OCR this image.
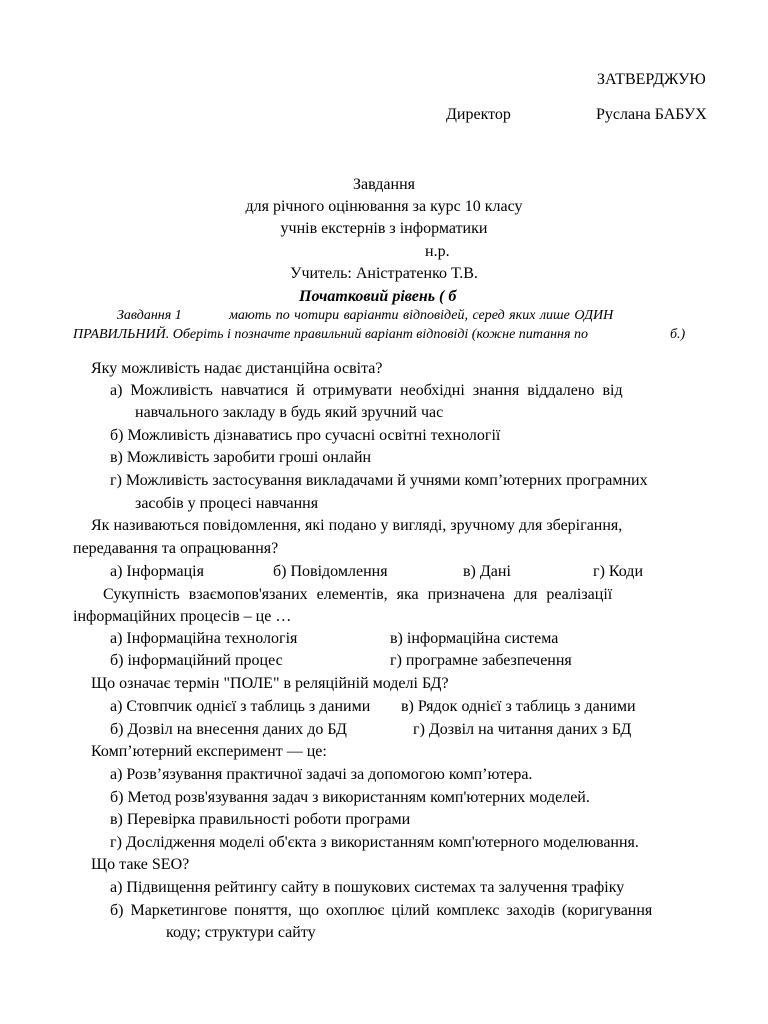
ЗАТВЕРДЖУЮ
Директор	Руслана БАБУХ
Завдання
для річного оцінювання за курс 10 класу
учнів екстернів з інформатики
н.р.
Учитель: Аністратенко Т.В.
Початковий рівень ( б
Завдання 1	мають по чотири варіанти відповідей, серед яких лише ОДИН
ПРАВИЛЬНИЙ. Оберіть і позначте правильний варіант відповіді (кожне питання по	б.)
Яку можливість надає дистанційна освіта?
а) Можливість навчатися й отримувати необхідні знання віддалено від
навчального закладу в будь який зручний час
б) Можливість дізнаватись про сучасні освітні технології
в) Можливість заробити гроші онлайн
г) Можливість застосування викладачами й учнями комп’ютерних програмних
засобів у процесі навчання
Як називаються повідомлення, які подано у вигляді, зручному для зберігання,
передавання та опрацювання?
а) Інформація	б) Повідомлення	в) Дані	г) Коди
Сукупність взаємопов'язаних елементів, яка призначена для реалізації
інформаційних процесів – це …
а) Інформаційна технологія	в) інформаційна система
б) інформаційний процес	г) програмне забезпечення
Що означає термін "ПОЛЕ" в реляційній моделі БД?
а) Стовпчик однієї з таблиць з даними в) Рядок однієї з таблиць з даними
б) Дозвіл на внесення даних до БД	г) Дозвіл на читання даних з БД
Комп’ютерний експеримент — це:
а) Розв’язування практичної задачі за допомогою комп’ютера.
б) Метод розв'язування задач з використанням комп'ютерних моделей.
в) Перевірка правильності роботи програми
г) Дослідження моделі об'єкта з використанням комп'ютерного моделювання.
Що таке SEO?
а) Підвищення рейтингу сайту в пошукових системах та залучення трафіку
б) Маркетингове поняття, що охоплює цілий комплекс заходів (коригування
коду; структури сайту
